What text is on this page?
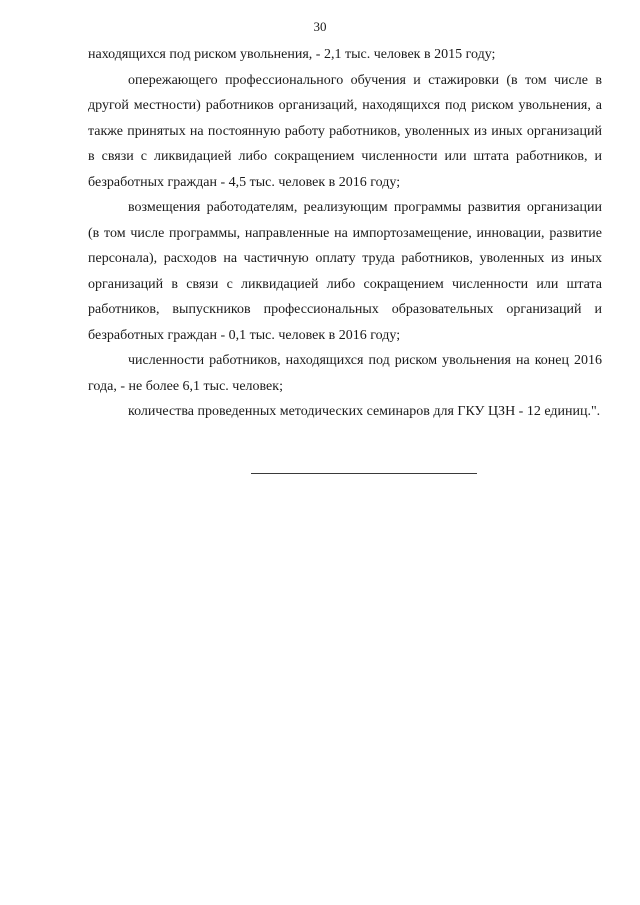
30

находящихся под риском увольнения, - 2,1 тыс. человек в 2015 году;

опережающего профессионального обучения и стажировки (в том числе в другой местности) работников организаций, находящихся под риском увольнения, а также принятых на постоянную работу работников, уволенных из иных организаций в связи с ликвидацией либо сокращением численности или штата работников, и безработных граждан - 4,5 тыс. человек в 2016 году;

возмещения работодателям, реализующим программы развития организации (в том числе программы, направленные на импортозамещение, инновации, развитие персонала), расходов на частичную оплату труда работников, уволенных из иных организаций в связи с ликвидацией либо сокращением численности или штата работников, выпускников профессиональных образовательных организаций и безработных граждан - 0,1 тыс. человек в 2016 году;

численности работников, находящихся под риском увольнения на конец 2016 года, - не более 6,1 тыс. человек;

количества проведенных методических семинаров для ГКУ ЦЗН - 12 единиц.".
